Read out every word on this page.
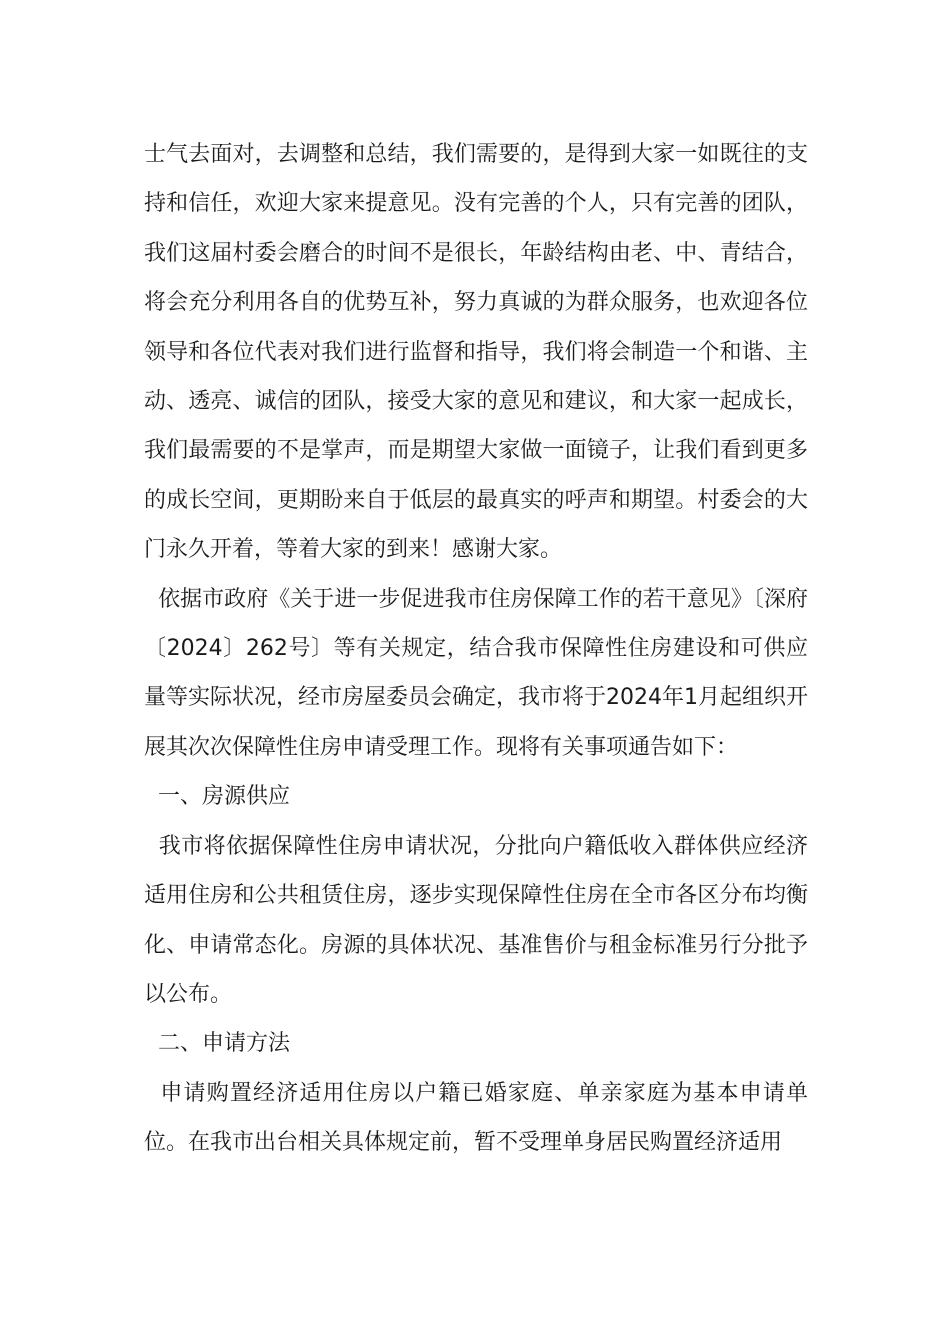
士气去面对，去调整和总结，我们需要的，是得到大家一如既往的支持和信任，欢迎大家来提意见。没有完善的个人，只有完善的团队，我们这届村委会磨合的时间不是很长，年龄结构由老、中、青结合，将会充分利用各自的优势互补，努力真诚的为群众服务，也欢迎各位领导和各位代表对我们进行监督和指导，我们将会制造一个和谐、主动、透亮、诚信的团队，接受大家的意见和建议，和大家一起成长，我们最需要的不是掌声，而是期望大家做一面镜子，让我们看到更多的成长空间，更期盼来自于低层的最真实的呼声和期望。村委会的大门永久开着，等着大家的到来！感谢大家。

依据市政府《关于进一步促进我市住房保障工作的若干意见》〔深府〔2024〕262号〕等有关规定，结合我市保障性住房建设和可供应量等实际状况，经市房屋委员会确定，我市将于2024年1月起组织开展其次次保障性住房申请受理工作。现将有关事项通告如下：

一、房源供应

我市将依据保障性住房申请状况，分批向户籍低收入群体供应经济适用住房和公共租赁住房，逐步实现保障性住房在全市各区分布均衡化、申请常态化。房源的具体状况、基准售价与租金标准另行分批予以公布。

二、申请方法

申请购置经济适用住房以户籍已婚家庭、单亲家庭为基本申请单位。在我市出台相关具体规定前，暂不受理单身居民购置经济适用
